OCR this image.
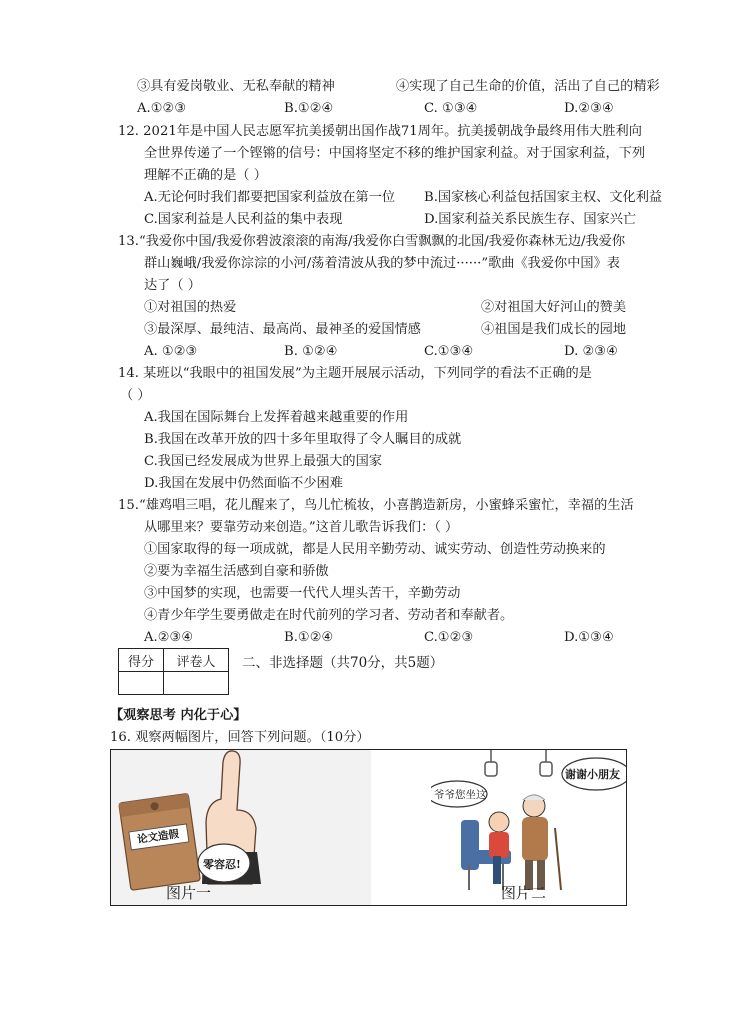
③具有爱岗敬业、无私奉献的精神	④实现了自己生命的价值，活出了自己的精彩
A.①②③	B.①②④	C. ①③④	D.②③④
12. 2021年是中国人民志愿军抗美援朝出国作战71周年。抗美援朝战争最终用伟大胜利向
全世界传递了一个铿锵的信号：中国将坚定不移的维护国家利益。对于国家利益，下列
理解不正确的是（ ）
A.无论何时我们都要把国家利益放在第一位 B.国家核心利益包括国家主权、文化利益
C.国家利益是人民利益的集中表现	D.国家利益关系民族生存、国家兴亡
13.“我爱你中国/我爱你碧波滚滚的南海/我爱你白雪飘飘的北国/我爱你森林无边/我爱你
群山巍峨/我爱你淙淙的小河/荡着清波从我的梦中流过······”歌曲《我爱你中国》表
达了（ ）
①对祖国的热爱	②对祖国大好河山的赞美
③最深厚、最纯洁、最高尚、最神圣的爱国情感	④祖国是我们成长的园地
A. ①②③	B. ①②④	C.①③④	D. ②③④
14. 某班以“我眼中的祖国发展”为主题开展展示活动，下列同学的看法不正确的是
（ ）
A.我国在国际舞台上发挥着越来越重要的作用
B.我国在改革开放的四十多年里取得了令人瞩目的成就
C.我国已经发展成为世界上最强大的国家
D.我国在发展中仍然面临不少困难
15.“雄鸡唱三唱，花儿醒来了，鸟儿忙梳妆，小喜鹊造新房，小蜜蜂采蜜忙，幸福的生活
从哪里来？要靠劳动来创造。”这首儿歌告诉我们：（ ）
①国家取得的每一项成就，都是人民用辛勤劳动、诚实劳动、创造性劳动换来的
②要为幸福生活感到自豪和骄傲
③中国梦的实现，也需要一代代人埋头苦干，辛勤劳动
④青少年学生要勇做走在时代前列的学习者、劳动者和奉献者。
A.②③④	B.①②④	C.①②③	D.①③④
得分	评卷人
	二、非选择题（共70分，共5题）
【观察思考 内化于心】
16. 观察两幅图片，回答下列问题。（10分）
论文造假
零容忍!
图片一
爷爷您坐这
谢谢小朋友
图片二
